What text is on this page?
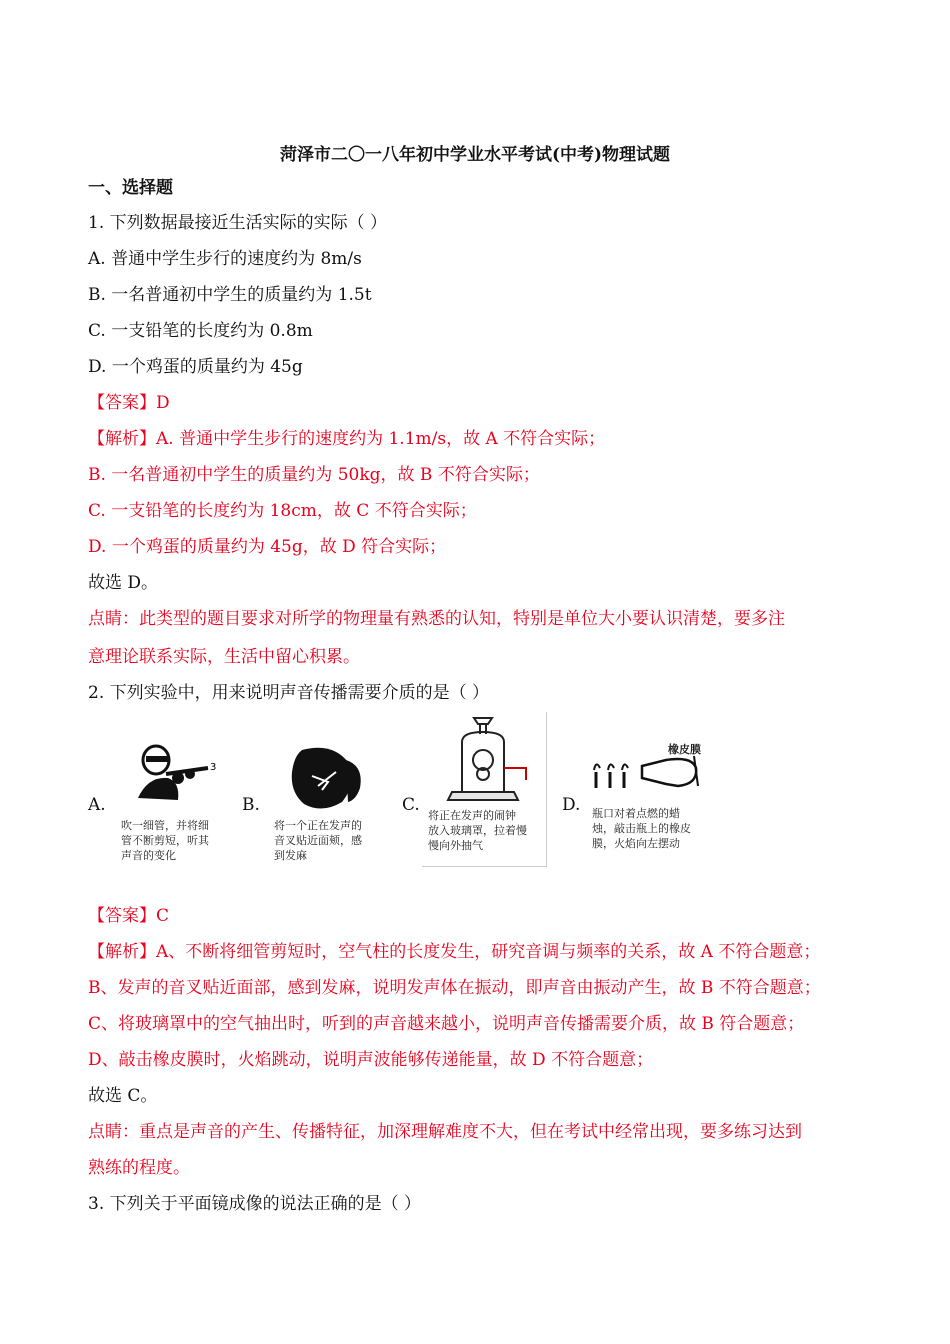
菏泽市二〇一八年初中学业水平考试(中考)物理试题
一、选择题
1. 下列数据最接近生活实际的实际（ ）
A. 普通中学生步行的速度约为 8m/s
B. 一名普通初中学生的质量约为 1.5t
C. 一支铅笔的长度约为 0.8m
D. 一个鸡蛋的质量约为 45g
【答案】D
【解析】A. 普通中学生步行的速度约为 1.1m/s，故 A 不符合实际；
B. 一名普通初中学生的质量约为 50kg，故 B 不符合实际；
C. 一支铅笔的长度约为 18cm，故 C 不符合实际；
D. 一个鸡蛋的质量约为 45g，故 D 符合实际；
故选 D。
点睛：此类型的题目要求对所学的物理量有熟悉的认知，特别是单位大小要认识清楚，要多注
意理论联系实际，生活中留心积累。
2. 下列实验中，用来说明声音传播需要介质的是（ ）
A.
3
吹一细管，并将细
管不断剪短，听其
声音的变化
B.
将一个正在发声的
音叉贴近面颊，感
到发麻
C.
将正在发声的闹钟
放入玻璃罩，拉着慢
慢向外抽气
D.
橡皮膜
瓶口对着点燃的蜡
烛，敲击瓶上的橡皮
膜，火焰向左摆动
【答案】C
【解析】A、不断将细管剪短时，空气柱的长度发生，研究音调与频率的关系，故 A 不符合题意；
B、发声的音叉贴近面部，感到发麻，说明发声体在振动，即声音由振动产生，故 B 不符合题意；
C、将玻璃罩中的空气抽出时，听到的声音越来越小，说明声音传播需要介质，故 B 符合题意；
D、敲击橡皮膜时，火焰跳动，说明声波能够传递能量，故 D 不符合题意；
故选 C。
点睛：重点是声音的产生、传播特征，加深理解难度不大，但在考试中经常出现，要多练习达到
熟练的程度。
3. 下列关于平面镜成像的说法正确的是（ ）
